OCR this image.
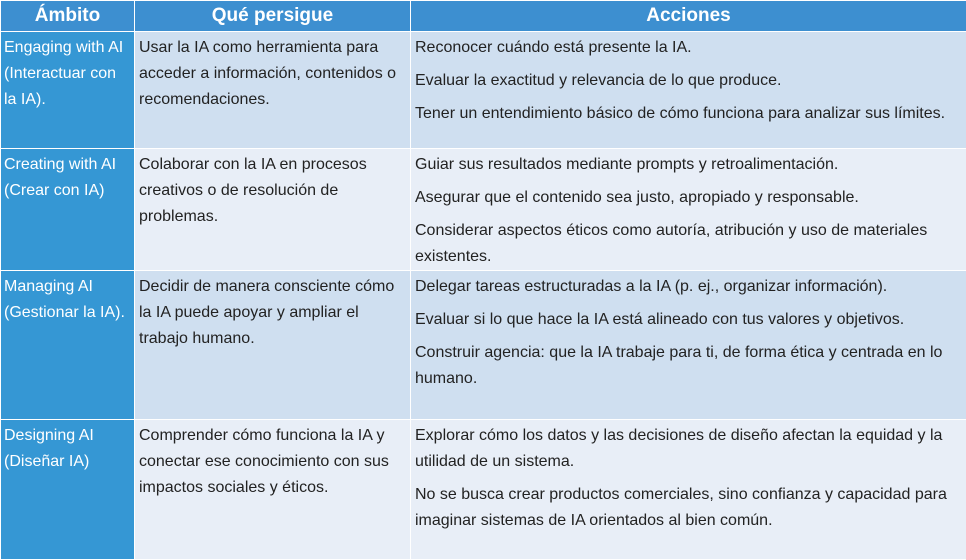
Ámbito	Qué persigue	Acciones
Engaging with AI (Interactuar con la IA).	Usar la IA como herramienta para acceder a información, contenidos o recomendaciones.	Reconocer cuándo está presente la IA.

Evaluar la exactitud y relevancia de lo que produce.

Tener un entendimiento básico de cómo funciona para analizar sus límites.

Creating with AI (Crear con IA)	Colaborar con la IA en procesos creativos o de resolución de problemas.	Guiar sus resultados mediante prompts y retroalimentación.

Asegurar que el contenido sea justo, apropiado y responsable.

Considerar aspectos éticos como autoría, atribución y uso de materiales existentes.

Managing AI (Gestionar la IA).	Decidir de manera consciente cómo la IA puede apoyar y ampliar el trabajo humano.	Delegar tareas estructuradas a la IA (p. ej., organizar información).

Evaluar si lo que hace la IA está alineado con tus valores y objetivos.

Construir agencia: que la IA trabaje para ti, de forma ética y centrada en lo humano.

Designing AI (Diseñar IA)	Comprender cómo funciona la IA y conectar ese conocimiento con sus impactos sociales y éticos.	Explorar cómo los datos y las decisiones de diseño afectan la equidad y la utilidad de un sistema.

No se busca crear productos comerciales, sino confianza y capacidad para imaginar sistemas de IA orientados al bien común.
